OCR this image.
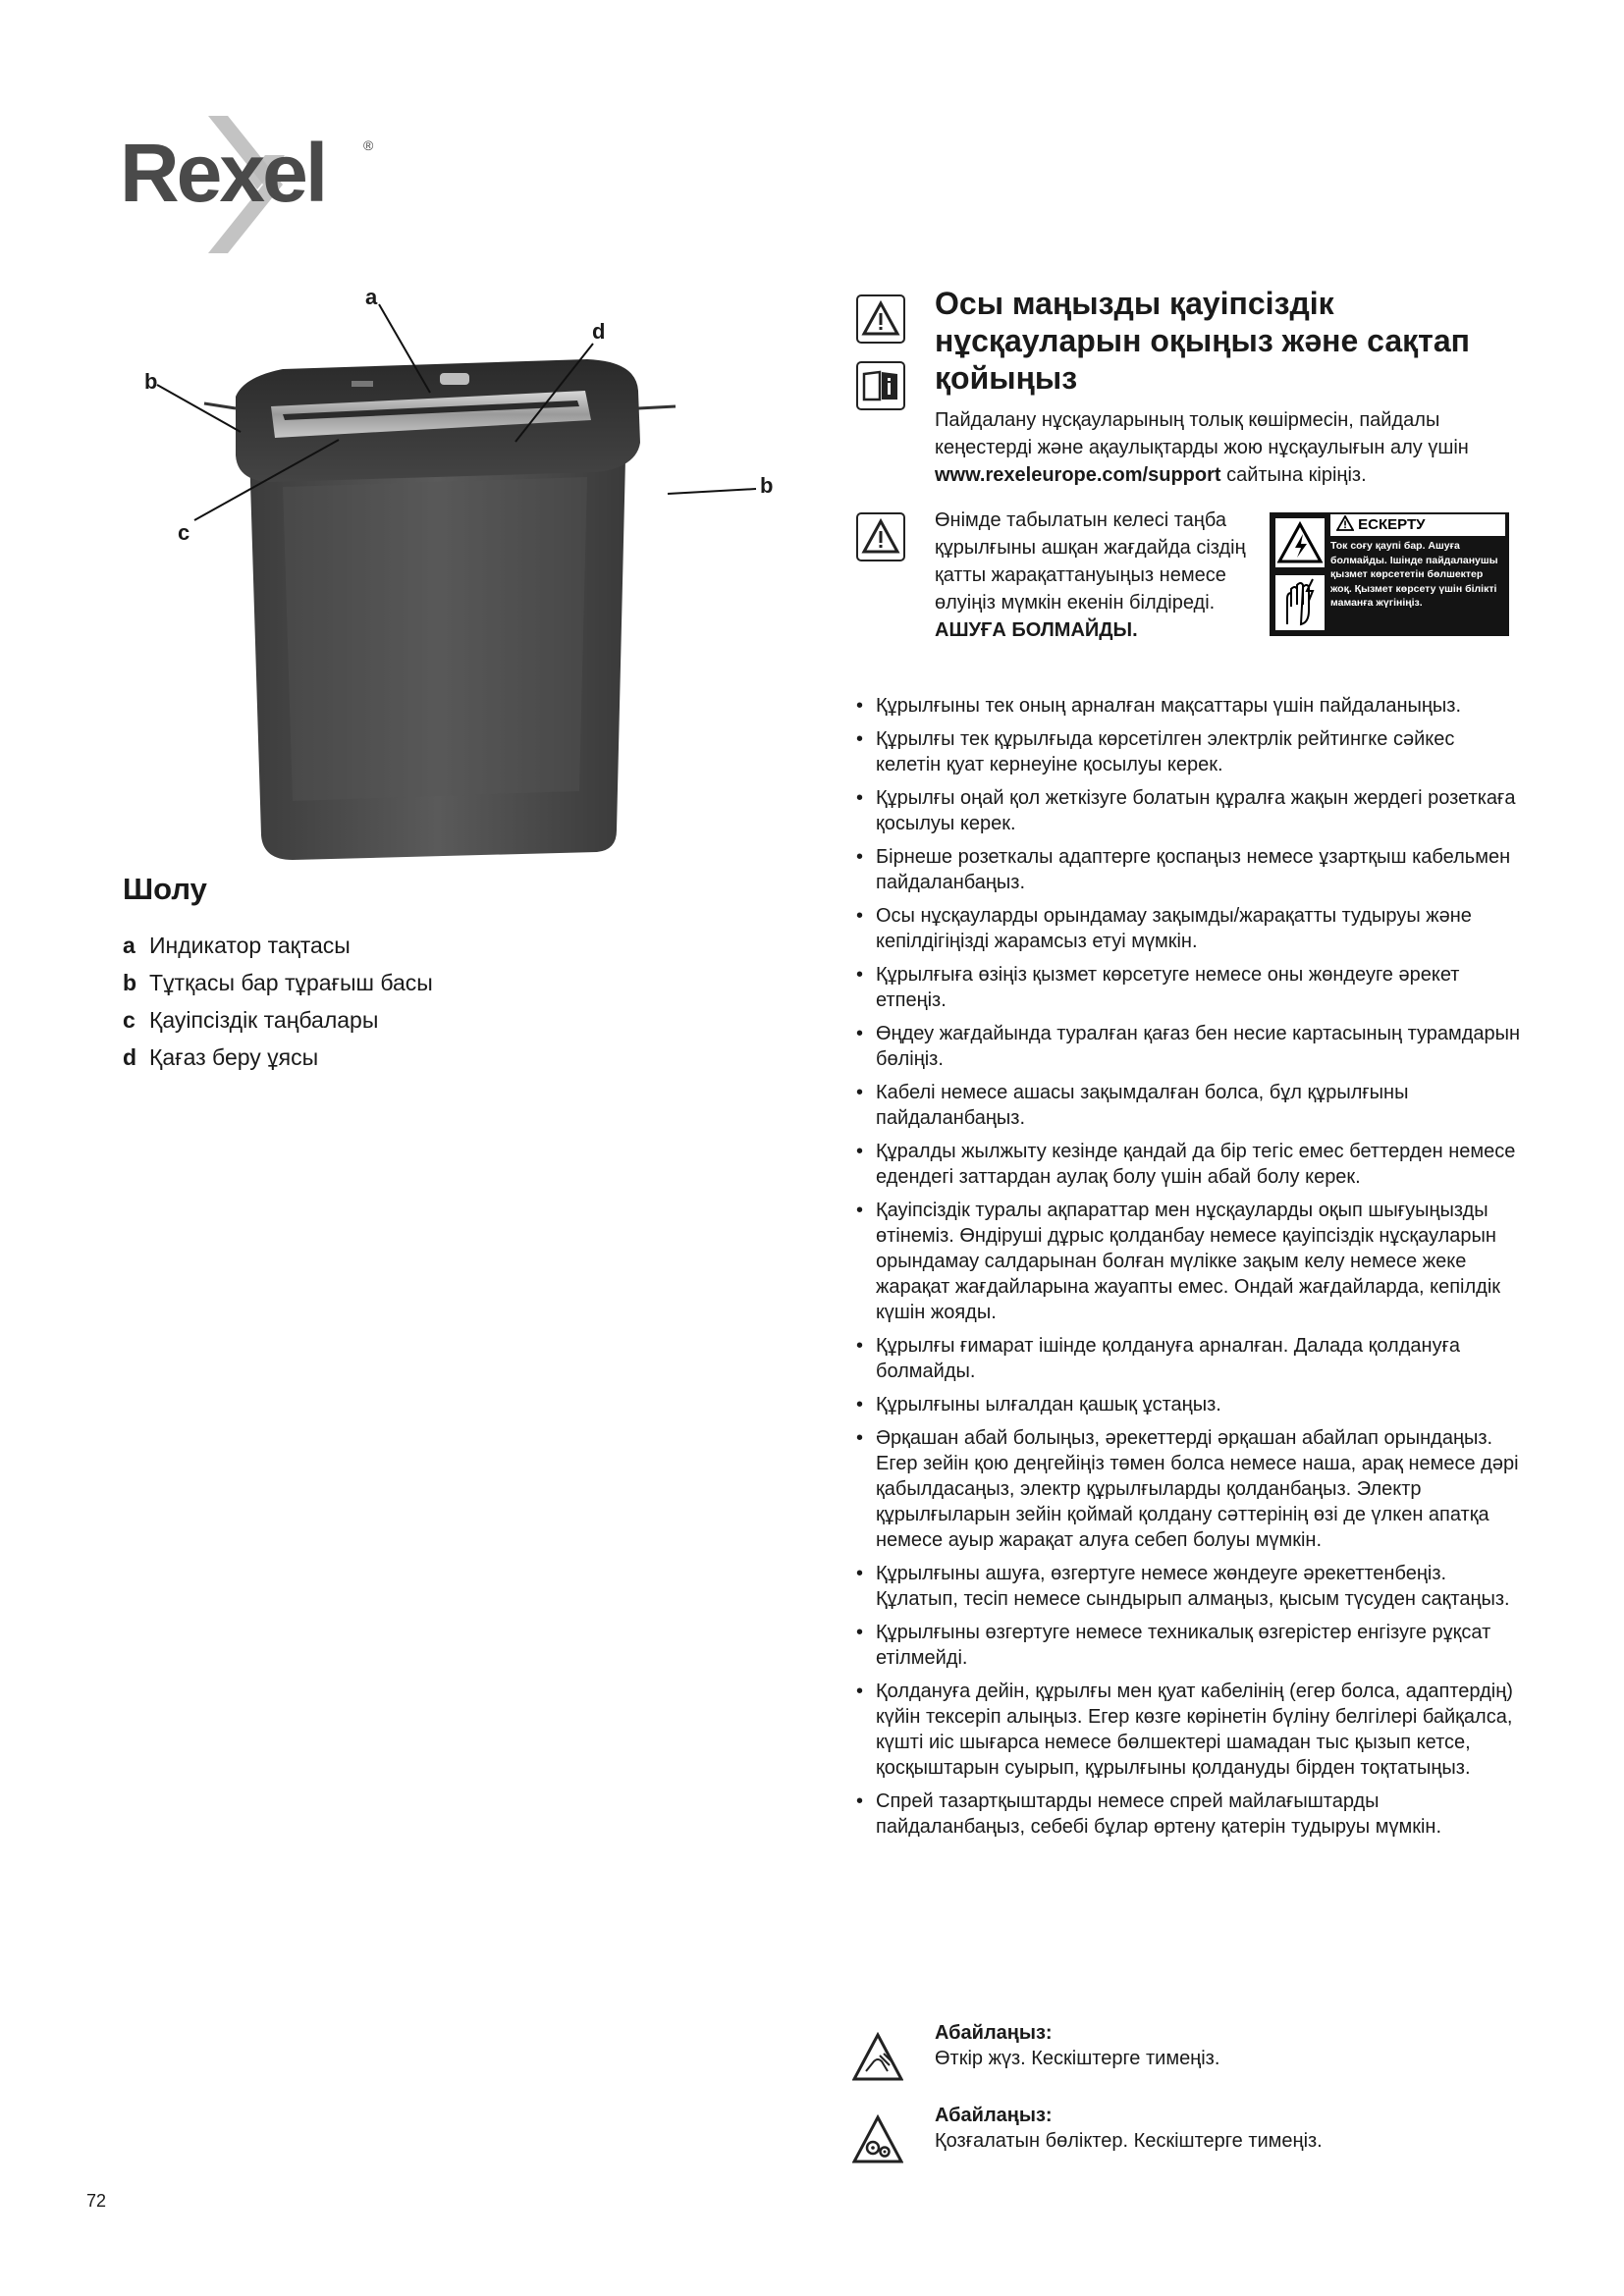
Rexel	®
a
b
b
c
d
Шолу
a Индикатор тақтасы
b Тұтқасы бар тұрағыш басы
c Қауіпсіздік таңбалары
d Қағаз беру ұясы
Осы маңызды қауіпсіздік нұсқауларын оқыңыз және сақтап қойыңыз

Пайдалану нұсқауларының толық көшірмесін, пайдалы кеңестерді және ақаулықтарды жою нұсқаулығын алу үшін www.rexeleurope.com/support сайтына кіріңіз.

Өнімде табылатын келесі таңба құрылғыны ашқан жағдайда сіздің қатты жарақаттануыңыз немесе өлуіңіз мүмкін екенін білдіреді.
АШУҒА БОЛМАЙДЫ.

ЕСКЕРТУ
Ток соғу қаупі бар. Ашуға болмайды. Ішінде пайдаланушы қызмет көрсететін бөлшектер жоқ. Қызмет көрсету үшін білікті маманға жүгініңіз.
• Құрылғыны тек оның арналған мақсаттары үшін пайдаланыңыз.
• Құрылғы тек құрылғыда көрсетілген электрлік рейтингке сәйкес келетін қуат кернеуіне қосылуы керек.
• Құрылғы оңай қол жеткізуге болатын құралға жақын жердегі розеткаға қосылуы керек.
• Бірнеше розеткалы адаптерге қоспаңыз немесе ұзартқыш кабельмен пайдаланбаңыз.
• Осы нұсқауларды орындамау зақымды/жарақатты тудыруы және кепілдігіңізді жарамсыз етуі мүмкін.
• Құрылғыға өзіңіз қызмет көрсетуге немесе оны жөндеуге әрекет етпеңіз.
• Өңдеу жағдайында туралған қағаз бен несие картасының турамдарын бөліңіз.
• Кабелі немесе ашасы зақымдалған болса, бұл құрылғыны пайдаланбаңыз.
• Құралды жылжыту кезінде қандай да бір тегіс емес беттерден немесе едендегі заттардан аулақ болу үшін абай болу керек.
• Қауіпсіздік туралы ақпараттар мен нұсқауларды оқып шығуыңызды өтінеміз. Өндіруші дұрыс қолданбау немесе қауіпсіздік нұсқауларын орындамау салдарынан болған мүлікке зақым келу немесе жеке жарақат жағдайларына жауапты емес. Ондай жағдайларда, кепілдік күшін жояды.
• Құрылғы ғимарат ішінде қолдануға арналған. Далада қолдануға болмайды.
• Құрылғыны ылғалдан қашық ұстаңыз.
• Әрқашан абай болыңыз, әрекеттерді әрқашан абайлап орындаңыз. Егер зейін қою деңгейіңіз төмен болса немесе наша, арақ немесе дәрі қабылдасаңыз, электр құрылғыларды қолданбаңыз. Электр құрылғыларын зейін қоймай қолдану сәттерінің өзі де үлкен апатқа немесе ауыр жарақат алуға себеп болуы мүмкін.
• Құрылғыны ашуға, өзгертуге немесе жөндеуге әрекеттенбеңіз. Құлатып, тесіп немесе сындырып алмаңыз, қысым түсуден сақтаңыз.
• Құрылғыны өзгертуге немесе техникалық өзгерістер енгізуге рұқсат етілмейді.
• Қолдануға дейін, құрылғы мен қуат кабелінің (егер болса, адаптердің) күйін тексеріп алыңыз. Егер көзге көрінетін бүліну белгілері байқалса, күшті иіс шығарса немесе бөлшектері шамадан тыс қызып кетсе, қосқыштарын суырып, құрылғыны қолдануды бірден тоқтатыңыз.
• Спрей тазартқыштарды немесе спрей майлағыштарды пайдаланбаңыз, себебі бұлар өртену қатерін тудыруы мүмкін.

Абайлаңыз:

Өткір жүз. Кескіштерге тимеңіз.

Абайлаңыз:

Қозғалатын бөліктер. Кескіштерге тимеңіз.

72
